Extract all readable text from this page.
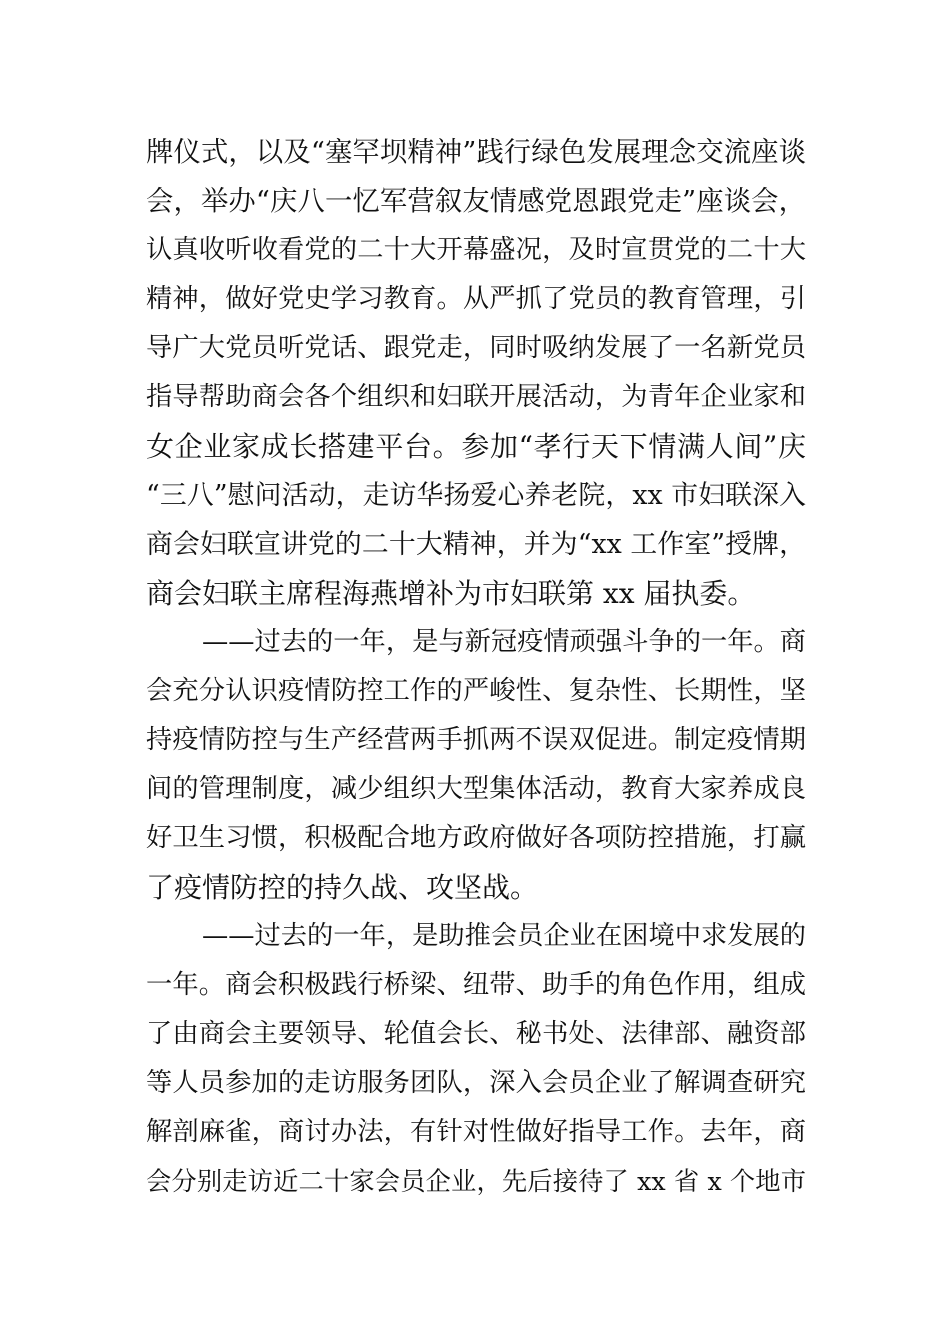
牌仪式，以及“塞罕坝精神”践行绿色发展理念交流座谈
会，举办“庆八一忆军营叙友情感党恩跟党走”座谈会，
认真收听收看党的二十大开幕盛况，及时宣贯党的二十大
精神，做好党史学习教育。从严抓了党员的教育管理，引
导广大党员听党话、跟党走，同时吸纳发展了一名新党员
指导帮助商会各个组织和妇联开展活动，为青年企业家和
女企业家成长搭建平台。参加“孝行天下情满人间”庆
“三八”慰问活动，走访华扬爱心养老院，xx 市妇联深入
商会妇联宣讲党的二十大精神，并为“xx 工作室”授牌，
商会妇联主席程海燕增补为市妇联第 xx 届执委。
——过去的一年，是与新冠疫情顽强斗争的一年。商
会充分认识疫情防控工作的严峻性、复杂性、长期性，坚
持疫情防控与生产经营两手抓两不误双促进。制定疫情期
间的管理制度，减少组织大型集体活动，教育大家养成良
好卫生习惯，积极配合地方政府做好各项防控措施，打赢
了疫情防控的持久战、攻坚战。
——过去的一年，是助推会员企业在困境中求发展的
一年。商会积极践行桥梁、纽带、助手的角色作用，组成
了由商会主要领导、轮值会长、秘书处、法律部、融资部
等人员参加的走访服务团队，深入会员企业了解调查研究
解剖麻雀，商讨办法，有针对性做好指导工作。去年，商
会分别走访近二十家会员企业，先后接待了 xx 省 x 个地市
